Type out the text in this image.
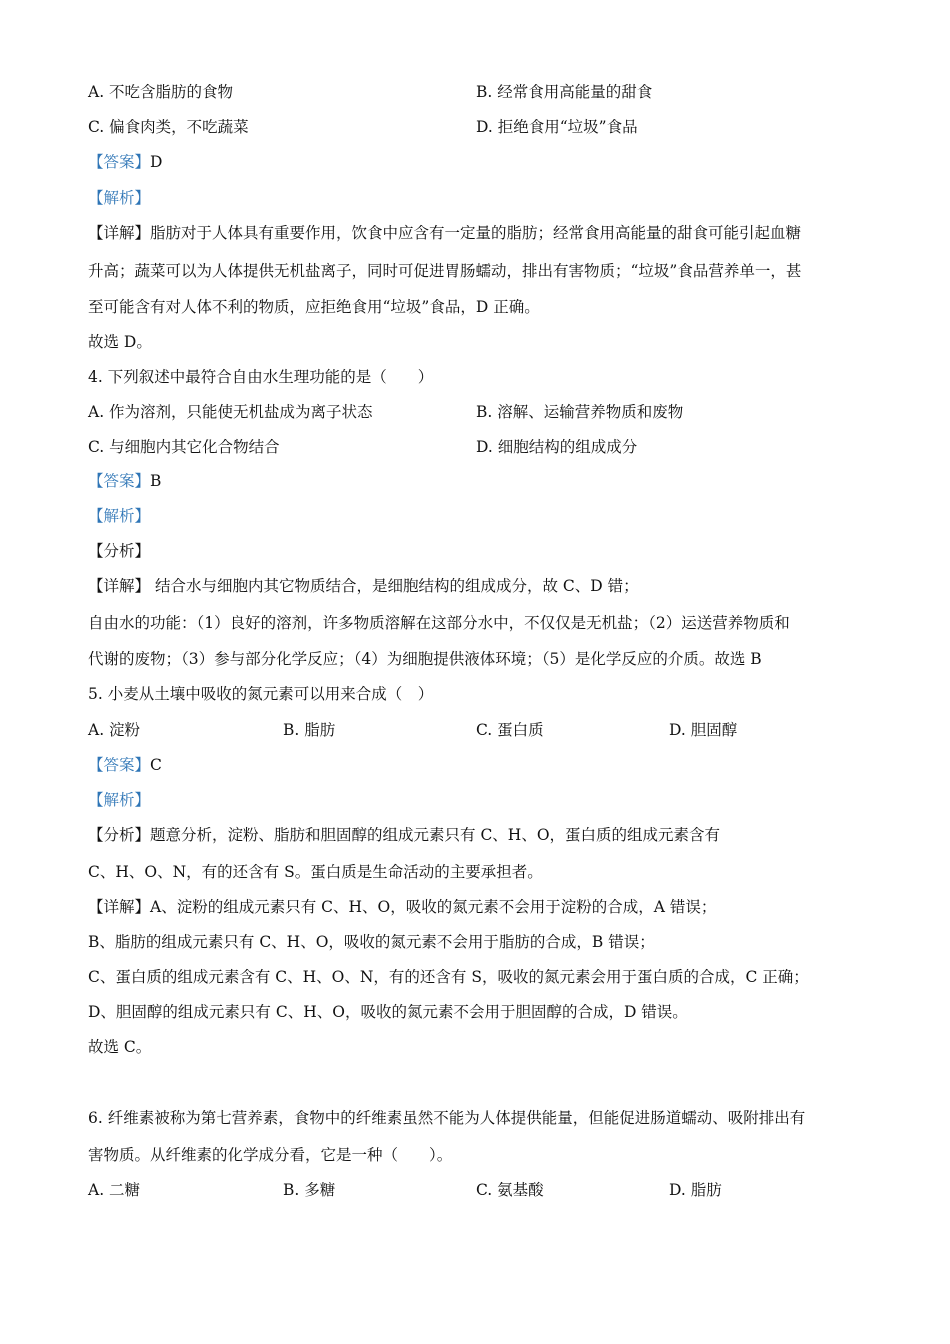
A. 不吃含脂肪的食物	B. 经常食用高能量的甜食
C. 偏食肉类，不吃蔬菜	D. 拒绝食用“垃圾”食品
【答案】D
【解析】
【详解】脂肪对于人体具有重要作用，饮食中应含有一定量的脂肪；经常食用高能量的甜食可能引起血糖
升高；蔬菜可以为人体提供无机盐离子，同时可促进胃肠蠕动，排出有害物质；“垃圾”食品营养单一，甚
至可能含有对人体不利的物质，应拒绝食用“垃圾”食品，D 正确。
故选 D。
4. 下列叙述中最符合自由水生理功能的是（　　）
A. 作为溶剂，只能使无机盐成为离子状态	B. 溶解、运输营养物质和废物
C. 与细胞内其它化合物结合	D. 细胞结构的组成成分
【答案】B
【解析】
【分析】
【详解】 结合水与细胞内其它物质结合，是细胞结构的组成成分，故 C、D 错；
自由水的功能：（1）良好的溶剂，许多物质溶解在这部分水中，不仅仅是无机盐；（2）运送营养物质和
代谢的废物；（3）参与部分化学反应；（4）为细胞提供液体环境；（5）是化学反应的介质。故选 B
5. 小麦从土壤中吸收的氮元素可以用来合成（　）
A. 淀粉	B. 脂肪	C. 蛋白质	D. 胆固醇
【答案】C
【解析】
【分析】题意分析，淀粉、脂肪和胆固醇的组成元素只有 C、H、O，蛋白质的组成元素含有
C、H、O、N，有的还含有 S。蛋白质是生命活动的主要承担者。
【详解】A、淀粉的组成元素只有 C、H、O，吸收的氮元素不会用于淀粉的合成，A 错误；
B、脂肪的组成元素只有 C、H、O，吸收的氮元素不会用于脂肪的合成，B 错误；
C、蛋白质的组成元素含有 C、H、O、N，有的还含有 S，吸收的氮元素会用于蛋白质的合成，C 正确；
D、胆固醇的组成元素只有 C、H、O，吸收的氮元素不会用于胆固醇的合成，D 错误。
故选 C。
6. 纤维素被称为第七营养素，食物中的纤维素虽然不能为人体提供能量，但能促进肠道蠕动、吸附排出有
害物质。从纤维素的化学成分看，它是一种（　　）。
A. 二糖	B. 多糖	C. 氨基酸	D. 脂肪
